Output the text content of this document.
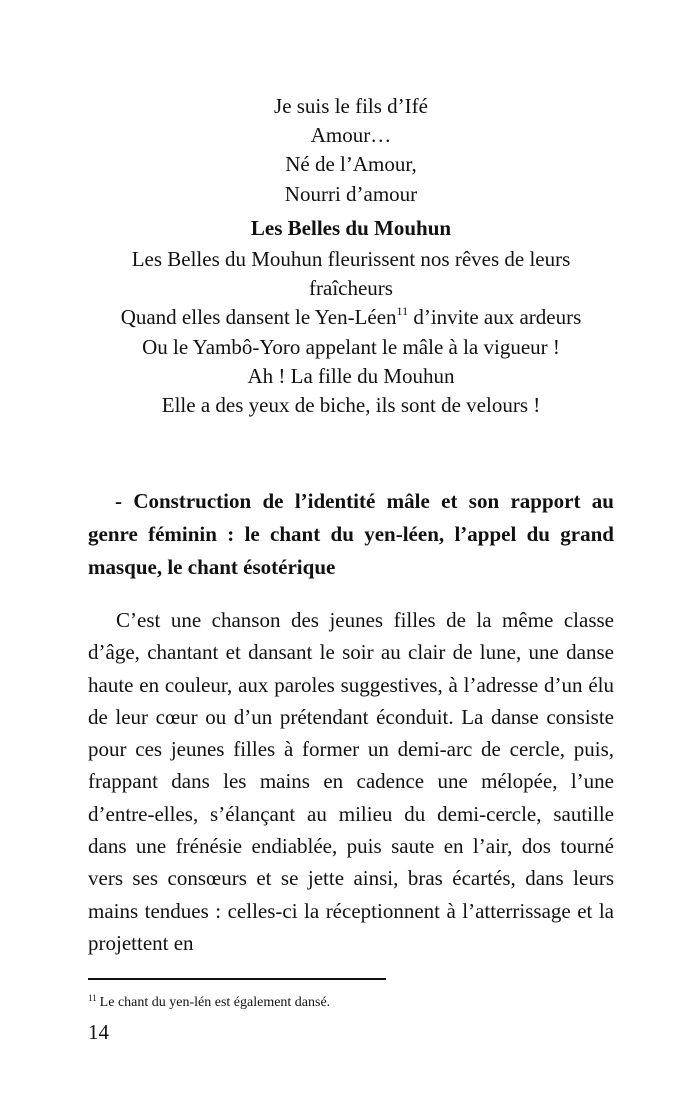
Je suis le fils d’Ifé
Amour…
Né de l’Amour,
Nourri d’amour
Les Belles du Mouhun
Les Belles du Mouhun fleurissent nos rêves de leurs
fraîcheurs
Quand elles dansent le Yen-Léen$^{11}$ d’invite aux ardeurs
Ou le Yambô-Yoro appelant le mâle à la vigueur !
Ah ! La fille du Mouhun
Elle a des yeux de biche, ils sont de velours !
- Construction de l’identité mâle et son rapport au genre féminin : le chant du yen-léen, l’appel du grand masque, le chant ésotérique
C’est une chanson des jeunes filles de la même classe d’âge, chantant et dansant le soir au clair de lune, une danse haute en couleur, aux paroles suggestives, à l’adresse d’un élu de leur cœur ou d’un prétendant éconduit. La danse consiste pour ces jeunes filles à former un demi-arc de cercle, puis, frappant dans les mains en cadence une mélopée, l’une d’entre-elles, s’élançant au milieu du demi-cercle, sautille dans une frénésie endiablée, puis saute en l’air, dos tourné vers ses consœurs et se jette ainsi, bras écartés, dans leurs mains tendues : celles-ci la réceptionnent à l’atterrissage et la projettent en
$^{11}$ Le chant du yen-lén est également dansé.
14
